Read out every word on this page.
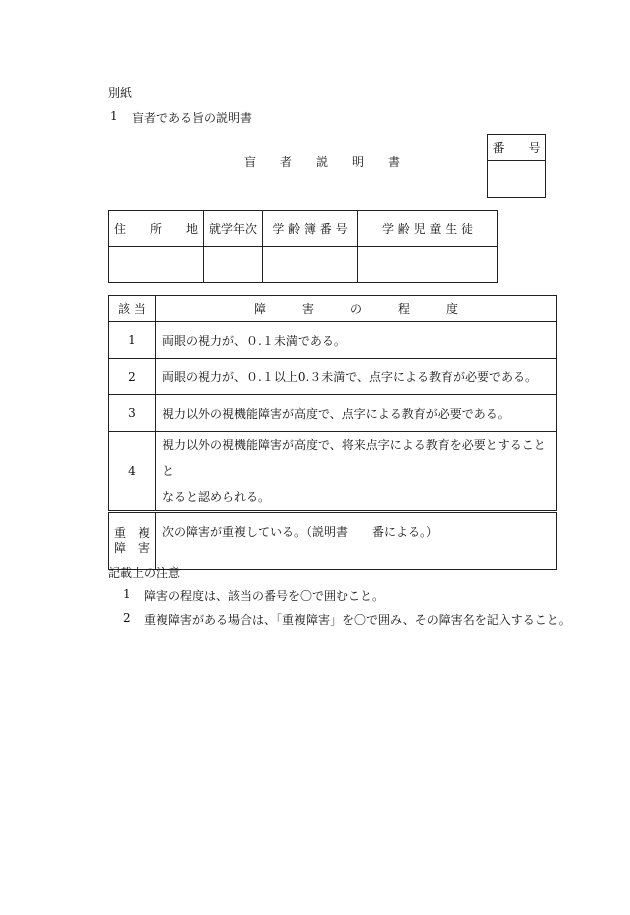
別紙
1 盲者である旨の説明書
盲　　者　　説　　明　　書
番　　号

住　　所　　地	就学年次	学 齢 簿 番 号	学 齢 児 童 生 徒

該 当	障　　　害　　　の　　　程　　　度
1	両眼の視力が、０.１未満である。
2	両眼の視力が、０.１以上0.３未満で、点字による教育が必要である。
3	視力以外の視機能障害が高度で、点字による教育が必要である。
4	視力以外の視機能障害が高度で、将来点字による教育を必要とすることと
なると認められる。

重　複
障　害	次の障害が重複している。（説明書　　番による。）
記載上の注意
1 障害の程度は、該当の番号を〇で囲むこと。
2 重複障害がある場合は、「重複障害」を〇で囲み、その障害名を記入すること。
